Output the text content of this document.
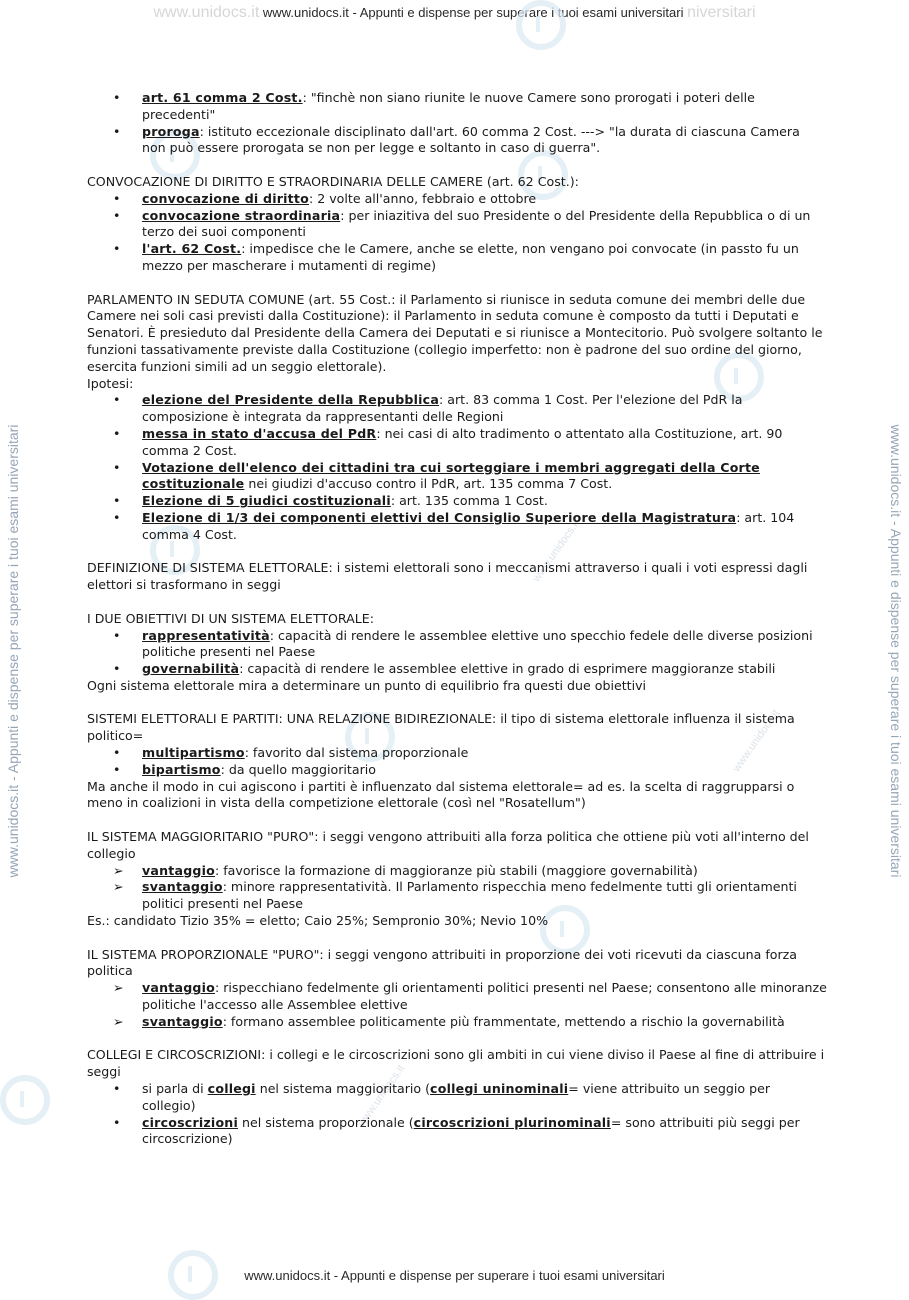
www.unidocs.it www.unidocs.it - Appunti e dispense per superare i tuoi esami universitari niversitari
www.unidocs.it - Appunti e dispense per superare i tuoi esami universitari
www.unidocs.it - Appunti e dispense per superare i tuoi esami universitari	www.unidocs.it - Appunti e dispense per superare i tuoi esami universitari
www.unidocs.it
www.unidocs.it
www.unidocs.it
•	art. 61 comma 2 Cost.: "finchè non siano riunite le nuove Camere sono prorogati i poteri delle precedenti"
•	proroga: istituto eccezionale disciplinato dall'art. 60 comma 2 Cost. ---> "la durata di ciascuna Camera non può essere prorogata se non per legge e soltanto in caso di guerra".

CONVOCAZIONE DI DIRITTO E STRAORDINARIA DELLE CAMERE (art. 62 Cost.):

•	convocazione di diritto: 2 volte all'anno, febbraio e ottobre
•	convocazione straordinaria: per iniazitiva del suo Presidente o del Presidente della Repubblica o di un terzo dei suoi componenti
•	l'art. 62 Cost.: impedisce che le Camere, anche se elette, non vengano poi convocate (in passto fu un mezzo per mascherare i mutamenti di regime)

PARLAMENTO IN SEDUTA COMUNE (art. 55 Cost.: il Parlamento si riunisce in seduta comune dei membri delle due Camere nei soli casi previsti dalla Costituzione): il Parlamento in seduta comune è composto da tutti i Deputati e Senatori. È presieduto dal Presidente della Camera dei Deputati e si riunisce a Montecitorio. Può svolgere soltanto le funzioni tassativamente previste dalla Costituzione (collegio imperfetto: non è padrone del suo ordine del giorno, esercita funzioni simili ad un seggio elettorale).

Ipotesi:

•	elezione del Presidente della Repubblica: art. 83 comma 1 Cost. Per l'elezione del PdR la composizione è integrata da rappresentanti delle Regioni
•	messa in stato d'accusa del PdR: nei casi di alto tradimento o attentato alla Costituzione, art. 90 comma 2 Cost.
•	Votazione dell'elenco dei cittadini tra cui sorteggiare i membri aggregati della Corte costituzionale nei giudizi d'accuso contro il PdR, art. 135 comma 7 Cost.
•	Elezione di 5 giudici costituzionali: art. 135 comma 1 Cost.
•	Elezione di 1/3 dei componenti elettivi del Consiglio Superiore della Magistratura: art. 104 comma 4 Cost.

DEFINIZIONE DI SISTEMA ELETTORALE: i sistemi elettorali sono i meccanismi attraverso i quali i voti espressi dagli elettori si trasformano in seggi

I DUE OBIETTIVI DI UN SISTEMA ELETTORALE:

•	rappresentatività: capacità di rendere le assemblee elettive uno specchio fedele delle diverse posizioni politiche presenti nel Paese
•	governabilità: capacità di rendere le assemblee elettive in grado di esprimere maggioranze stabili

Ogni sistema elettorale mira a determinare un punto di equilibrio fra questi due obiettivi

SISTEMI ELETTORALI E PARTITI: UNA RELAZIONE BIDIREZIONALE: il tipo di sistema elettorale influenza il sistema politico=

•	multipartismo: favorito dal sistema proporzionale
•	bipartismo: da quello maggioritario

Ma anche il modo in cui agiscono i partiti è influenzato dal sistema elettorale= ad es. la scelta di raggrupparsi o meno in coalizioni in vista della competizione elettorale (così nel "Rosatellum")

IL SISTEMA MAGGIORITARIO "PURO": i seggi vengono attribuiti alla forza politica che ottiene più voti all'interno del collegio

➢	vantaggio: favorisce la formazione di maggioranze più stabili (maggiore governabilità)
➢	svantaggio: minore rappresentatività. Il Parlamento rispecchia meno fedelmente tutti gli orientamenti politici presenti nel Paese

Es.: candidato Tizio 35% = eletto; Caio 25%; Sempronio 30%; Nevio 10%

IL SISTEMA PROPORZIONALE "PURO": i seggi vengono attribuiti in proporzione dei voti ricevuti da ciascuna forza politica

➢	vantaggio: rispecchiano fedelmente gli orientamenti politici presenti nel Paese; consentono alle minoranze politiche l'accesso alle Assemblee elettive
➢	svantaggio: formano assemblee politicamente più frammentate, mettendo a rischio la governabilità

COLLEGI E CIRCOSCRIZIONI: i collegi e le circoscrizioni sono gli ambiti in cui viene diviso il Paese al fine di attribuire i seggi

•	si parla di collegi nel sistema maggioritario (collegi uninominali= viene attribuito un seggio per collegio)
•	circoscrizioni nel sistema proporzionale (circoscrizioni plurinominali= sono attribuiti più seggi per circoscrizione)
